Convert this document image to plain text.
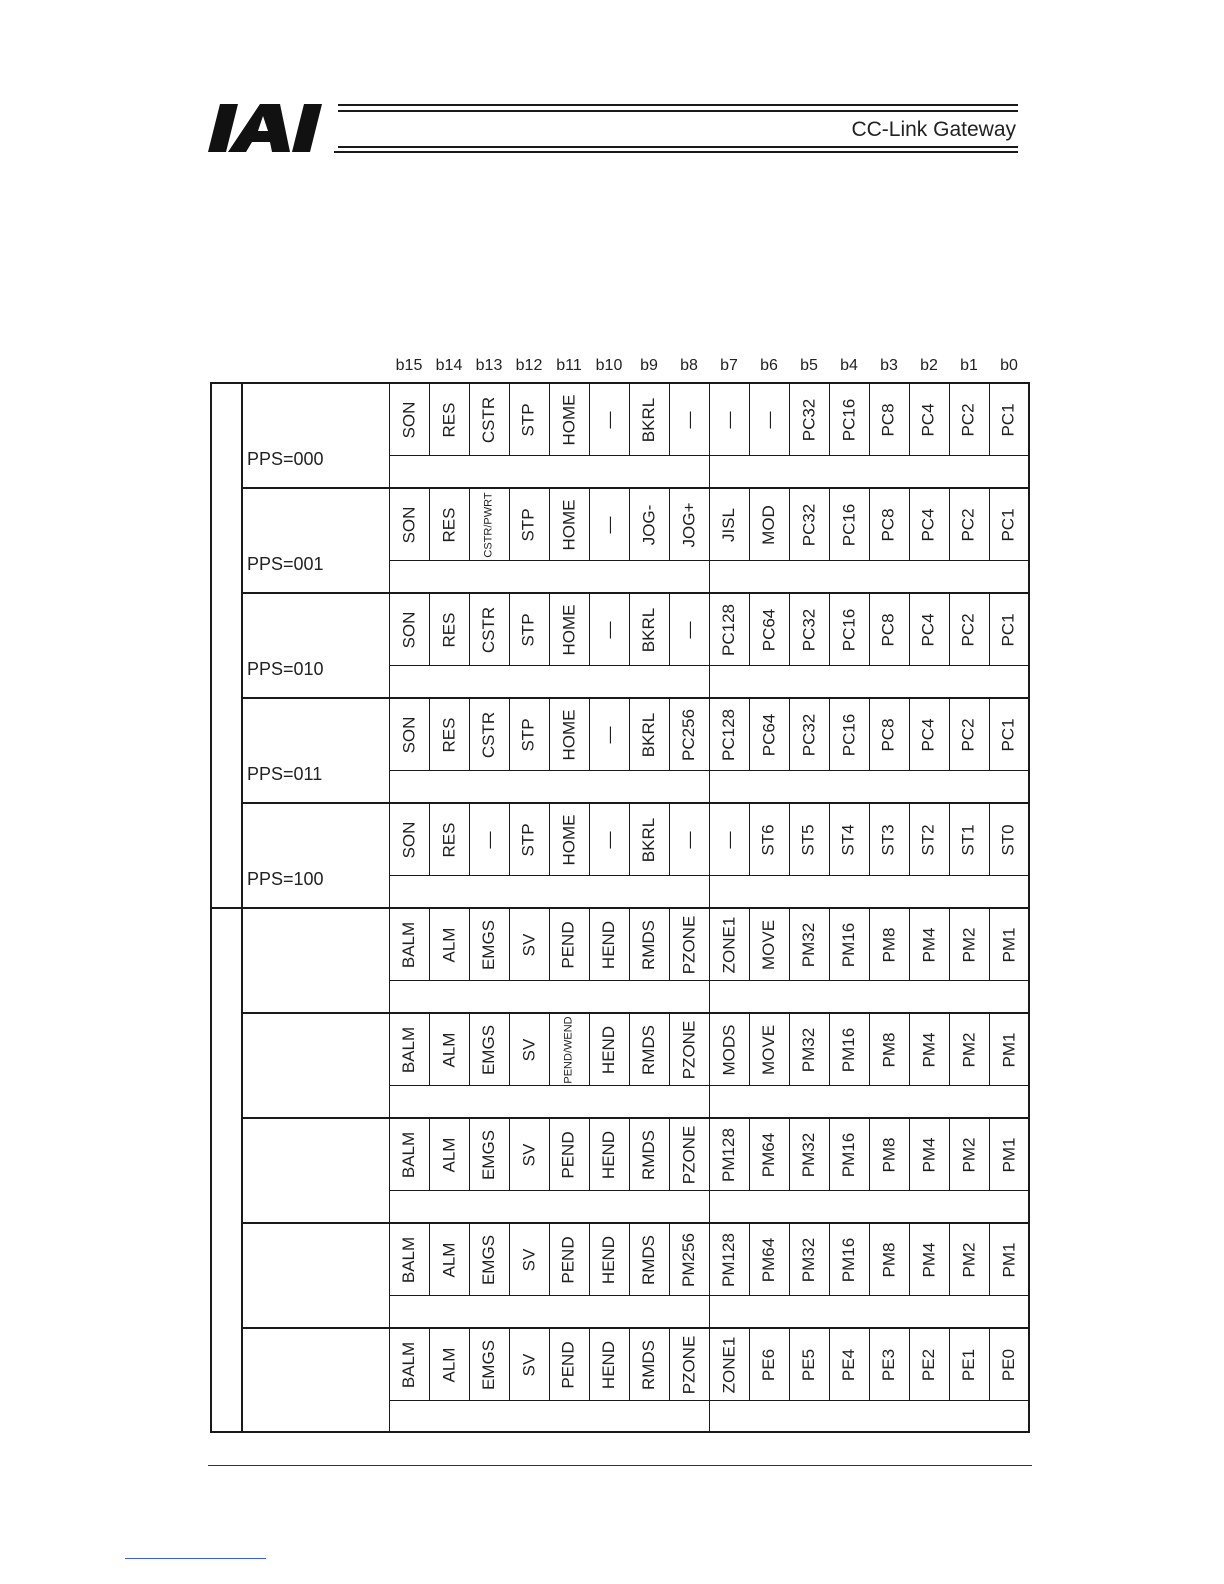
CC-Link Gateway
b15 b14 b13 b12 b11 b10	b9	b8	b7	b6	b5	b4	b3	b2	b1	b0
PPS=000
SON RES CSTR STP HOME — BKRL — — — PC32 PC16 PC8 PC4 PC2 PC1
PPS=001
SON RES CSTR/PWRT STP HOME — JOG- JOG+ JISL MOD PC32 PC16 PC8 PC4 PC2 PC1
PPS=010
SON RES CSTR STP HOME — BKRL — PC128 PC64 PC32 PC16 PC8 PC4 PC2 PC1
PPS=011
SON RES CSTR STP HOME — BKRL PC256 PC128 PC64 PC32 PC16 PC8 PC4 PC2 PC1
PPS=100
SON RES — STP HOME — BKRL — — ST6 ST5 ST4 ST3 ST2 ST1 ST0
BALM ALM EMGS SV PEND HEND RMDS PZONE ZONE1 MOVE PM32 PM16 PM8 PM4 PM2 PM1
BALM ALM EMGS SV PEND/WEND HEND RMDS PZONE MODS MOVE PM32 PM16 PM8 PM4 PM2 PM1
BALM ALM EMGS SV PEND HEND RMDS PZONE PM128 PM64 PM32 PM16 PM8 PM4 PM2 PM1
BALM ALM EMGS SV PEND HEND RMDS PM256 PM128 PM64 PM32 PM16 PM8 PM4 PM2 PM1
BALM ALM EMGS SV PEND HEND RMDS PZONE ZONE1 PE6 PE5 PE4 PE3 PE2 PE1 PE0
